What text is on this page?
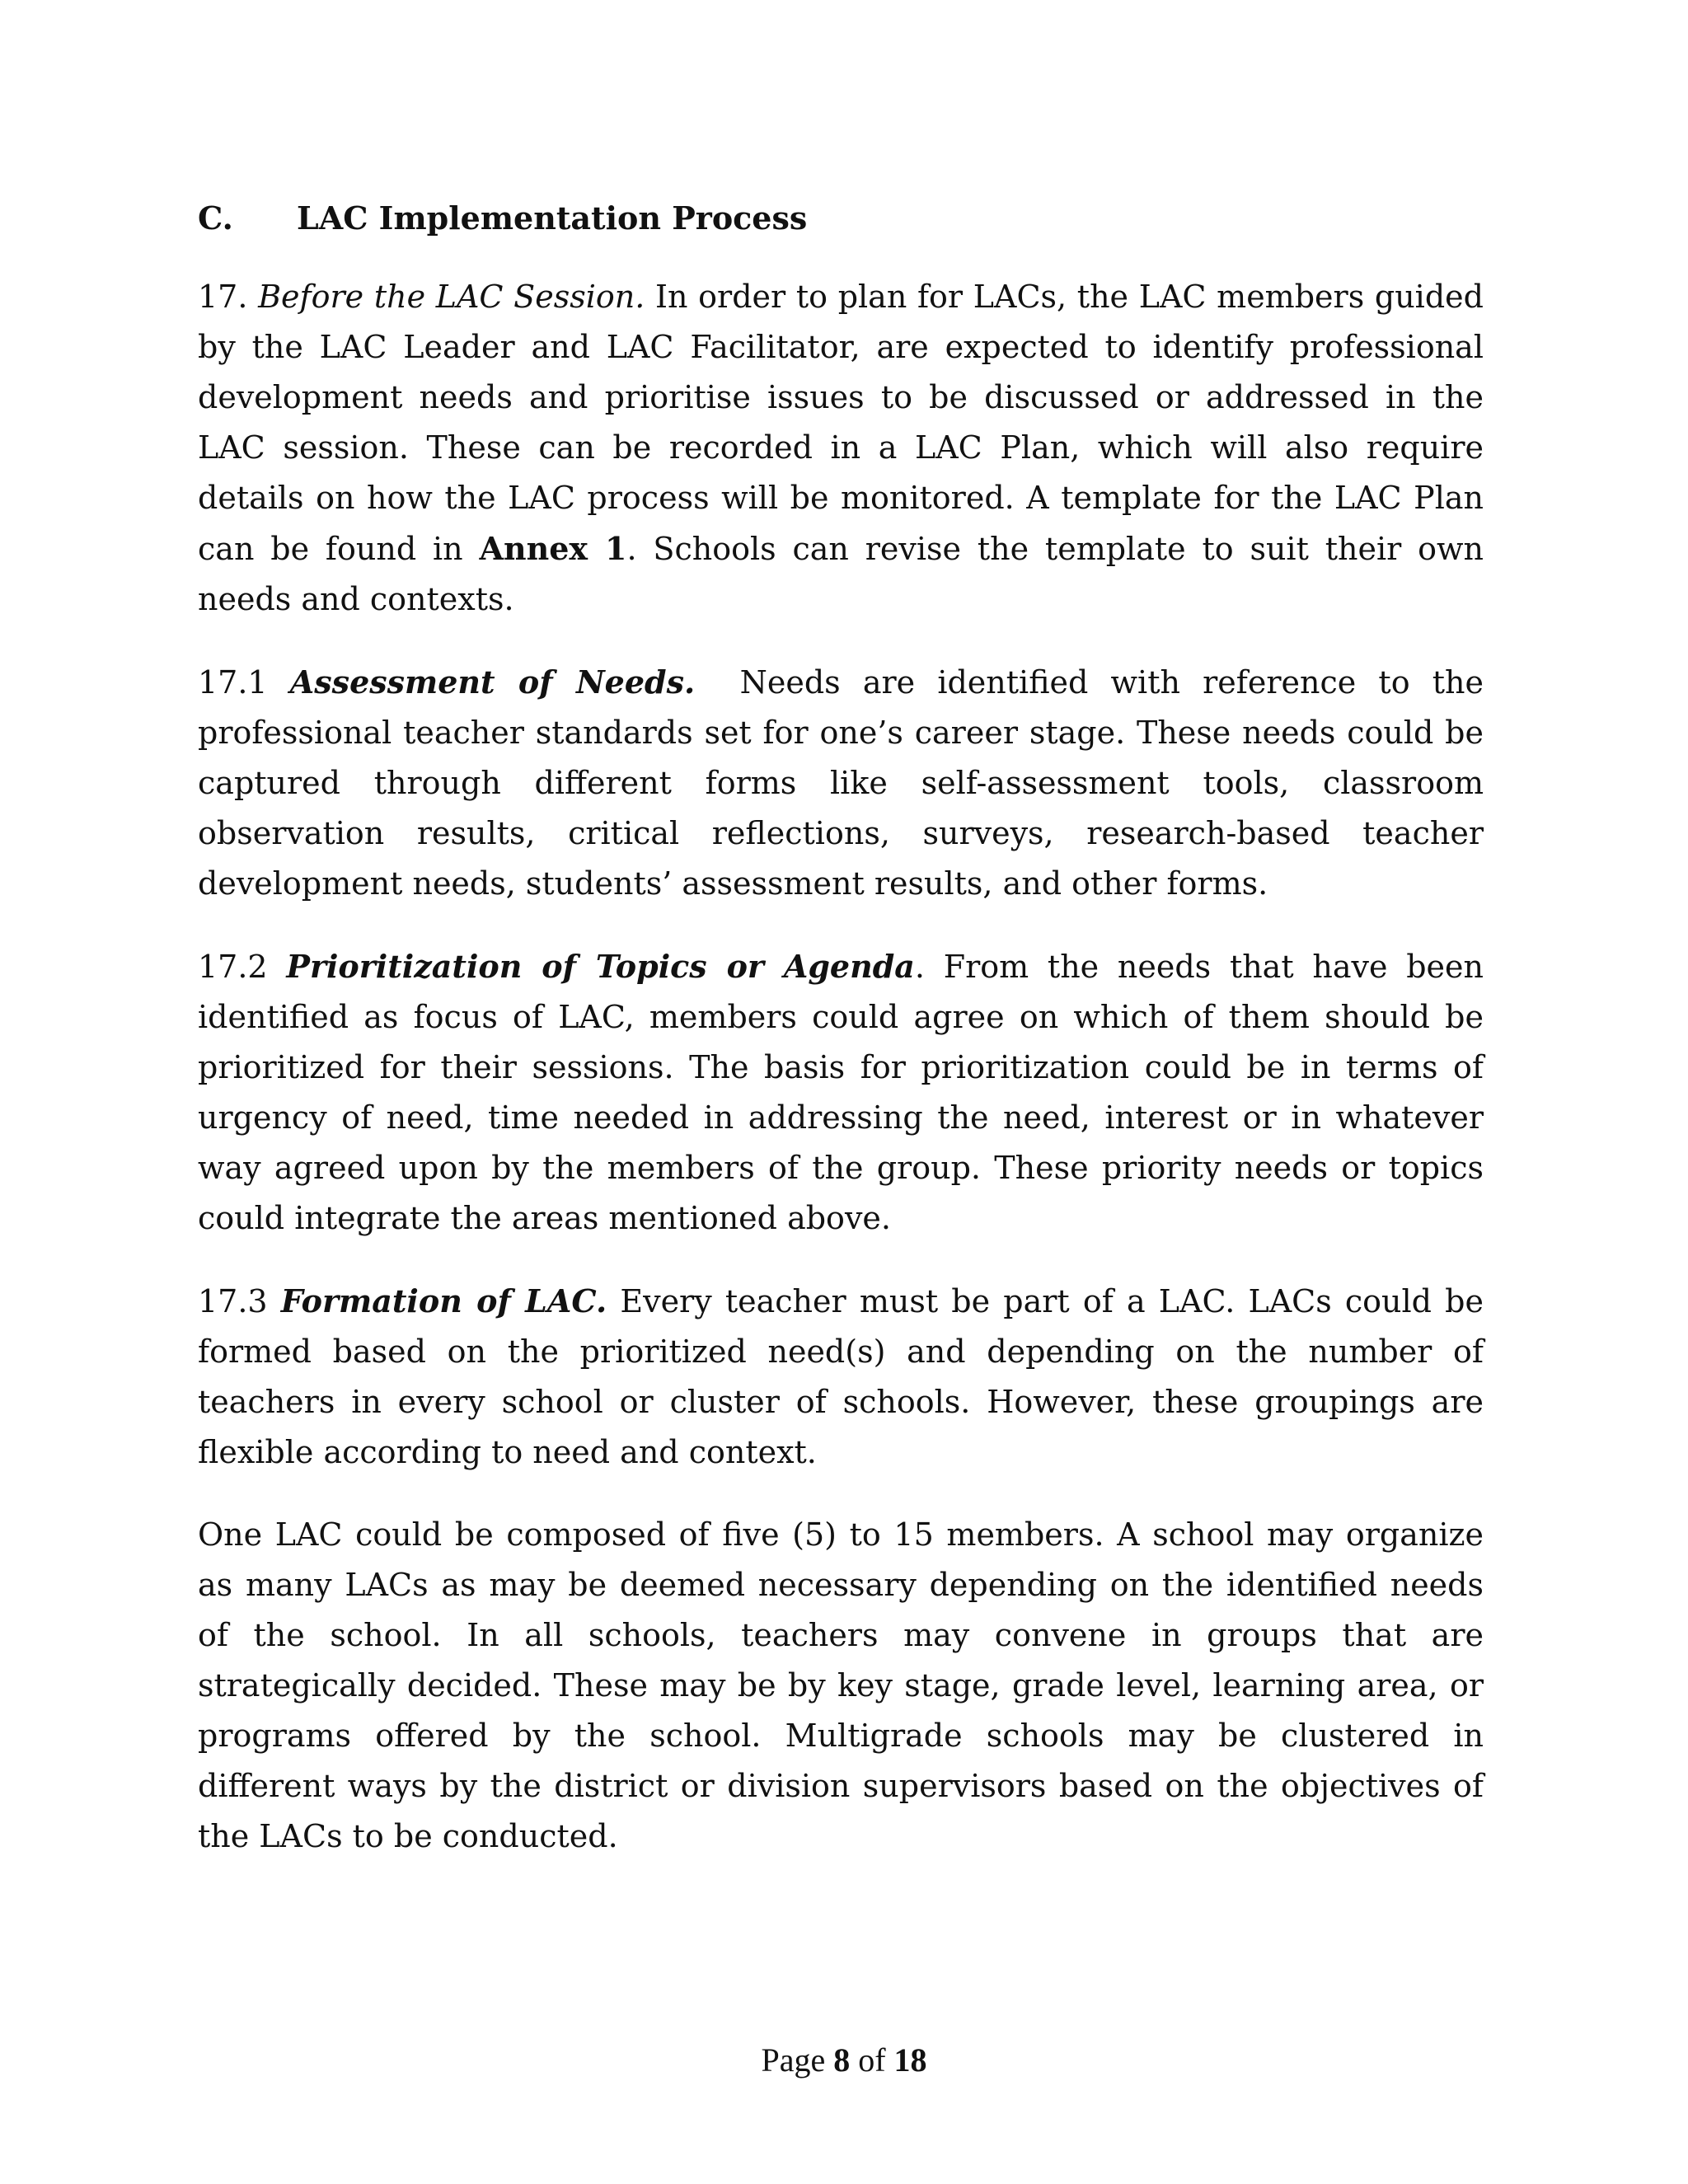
C. LAC Implementation Process

17. Before the LAC Session. In order to plan for LACs, the LAC members guided by the LAC Leader and LAC Facilitator, are expected to identify professional development needs and prioritise issues to be discussed or addressed in the LAC session. These can be recorded in a LAC Plan, which will also require details on how the LAC process will be monitored. A template for the LAC Plan can be found in Annex 1. Schools can revise the template to suit their own needs and contexts.

17.1 Assessment of Needs. Needs are identified with reference to the professional teacher standards set for one’s career stage. These needs could be captured through different forms like self-assessment tools, classroom observation results, critical reflections, surveys, research-based teacher development needs, students’ assessment results, and other forms.

17.2 Prioritization of Topics or Agenda. From the needs that have been identified as focus of LAC, members could agree on which of them should be prioritized for their sessions. The basis for prioritization could be in terms of urgency of need, time needed in addressing the need, interest or in whatever way agreed upon by the members of the group. These priority needs or topics could integrate the areas mentioned above.

17.3 Formation of LAC. Every teacher must be part of a LAC. LACs could be formed based on the prioritized need(s) and depending on the number of teachers in every school or cluster of schools. However, these groupings are flexible according to need and context.

One LAC could be composed of five (5) to 15 members. A school may organize as many LACs as may be deemed necessary depending on the identified needs of the school. In all schools, teachers may convene in groups that are strategically decided. These may be by key stage, grade level, learning area, or programs offered by the school. Multigrade schools may be clustered in different ways by the district or division supervisors based on the objectives of the LACs to be conducted.

Page 8 of 18
